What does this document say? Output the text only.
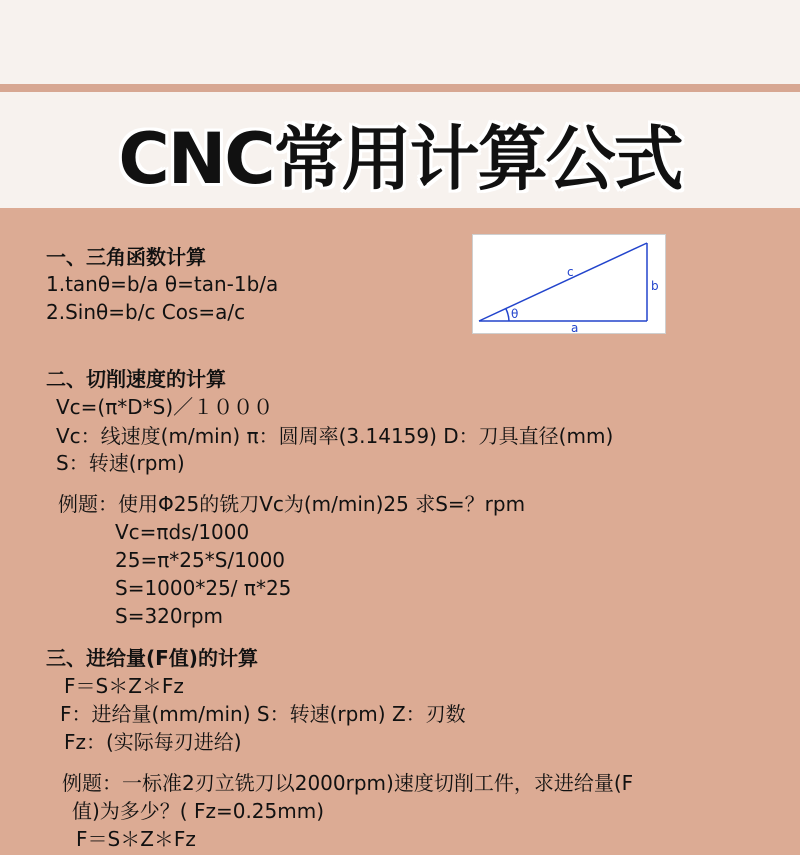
CNC常用计算公式
一、三角函数计算
1.tanθ=b/a θ=tan-1b/a
2.Sinθ=b/c Cos=a/c
c
b
θ
a
二、切削速度的计算
Vc=(π*D*S)／１０００
Vc：线速度(m/min) π：圆周率(3.14159) D：刀具直径(mm)
S：转速(rpm)
例题：使用Φ25的铣刀Vc为(m/min)25 求S=？rpm
Vc=πds/1000
25=π*25*S/1000
S=1000*25/ π*25
S=320rpm
三、进给量(F值)的计算
F＝S＊Z＊Fz
F：进给量(mm/min) S：转速(rpm) Z：刃数
Fz：(实际每刃进给)
例题：一标准2刃立铣刀以2000rpm)速度切削工件，求进给量(F
值)为多少？( Fz=0.25mm)
F＝S＊Z＊Fz
